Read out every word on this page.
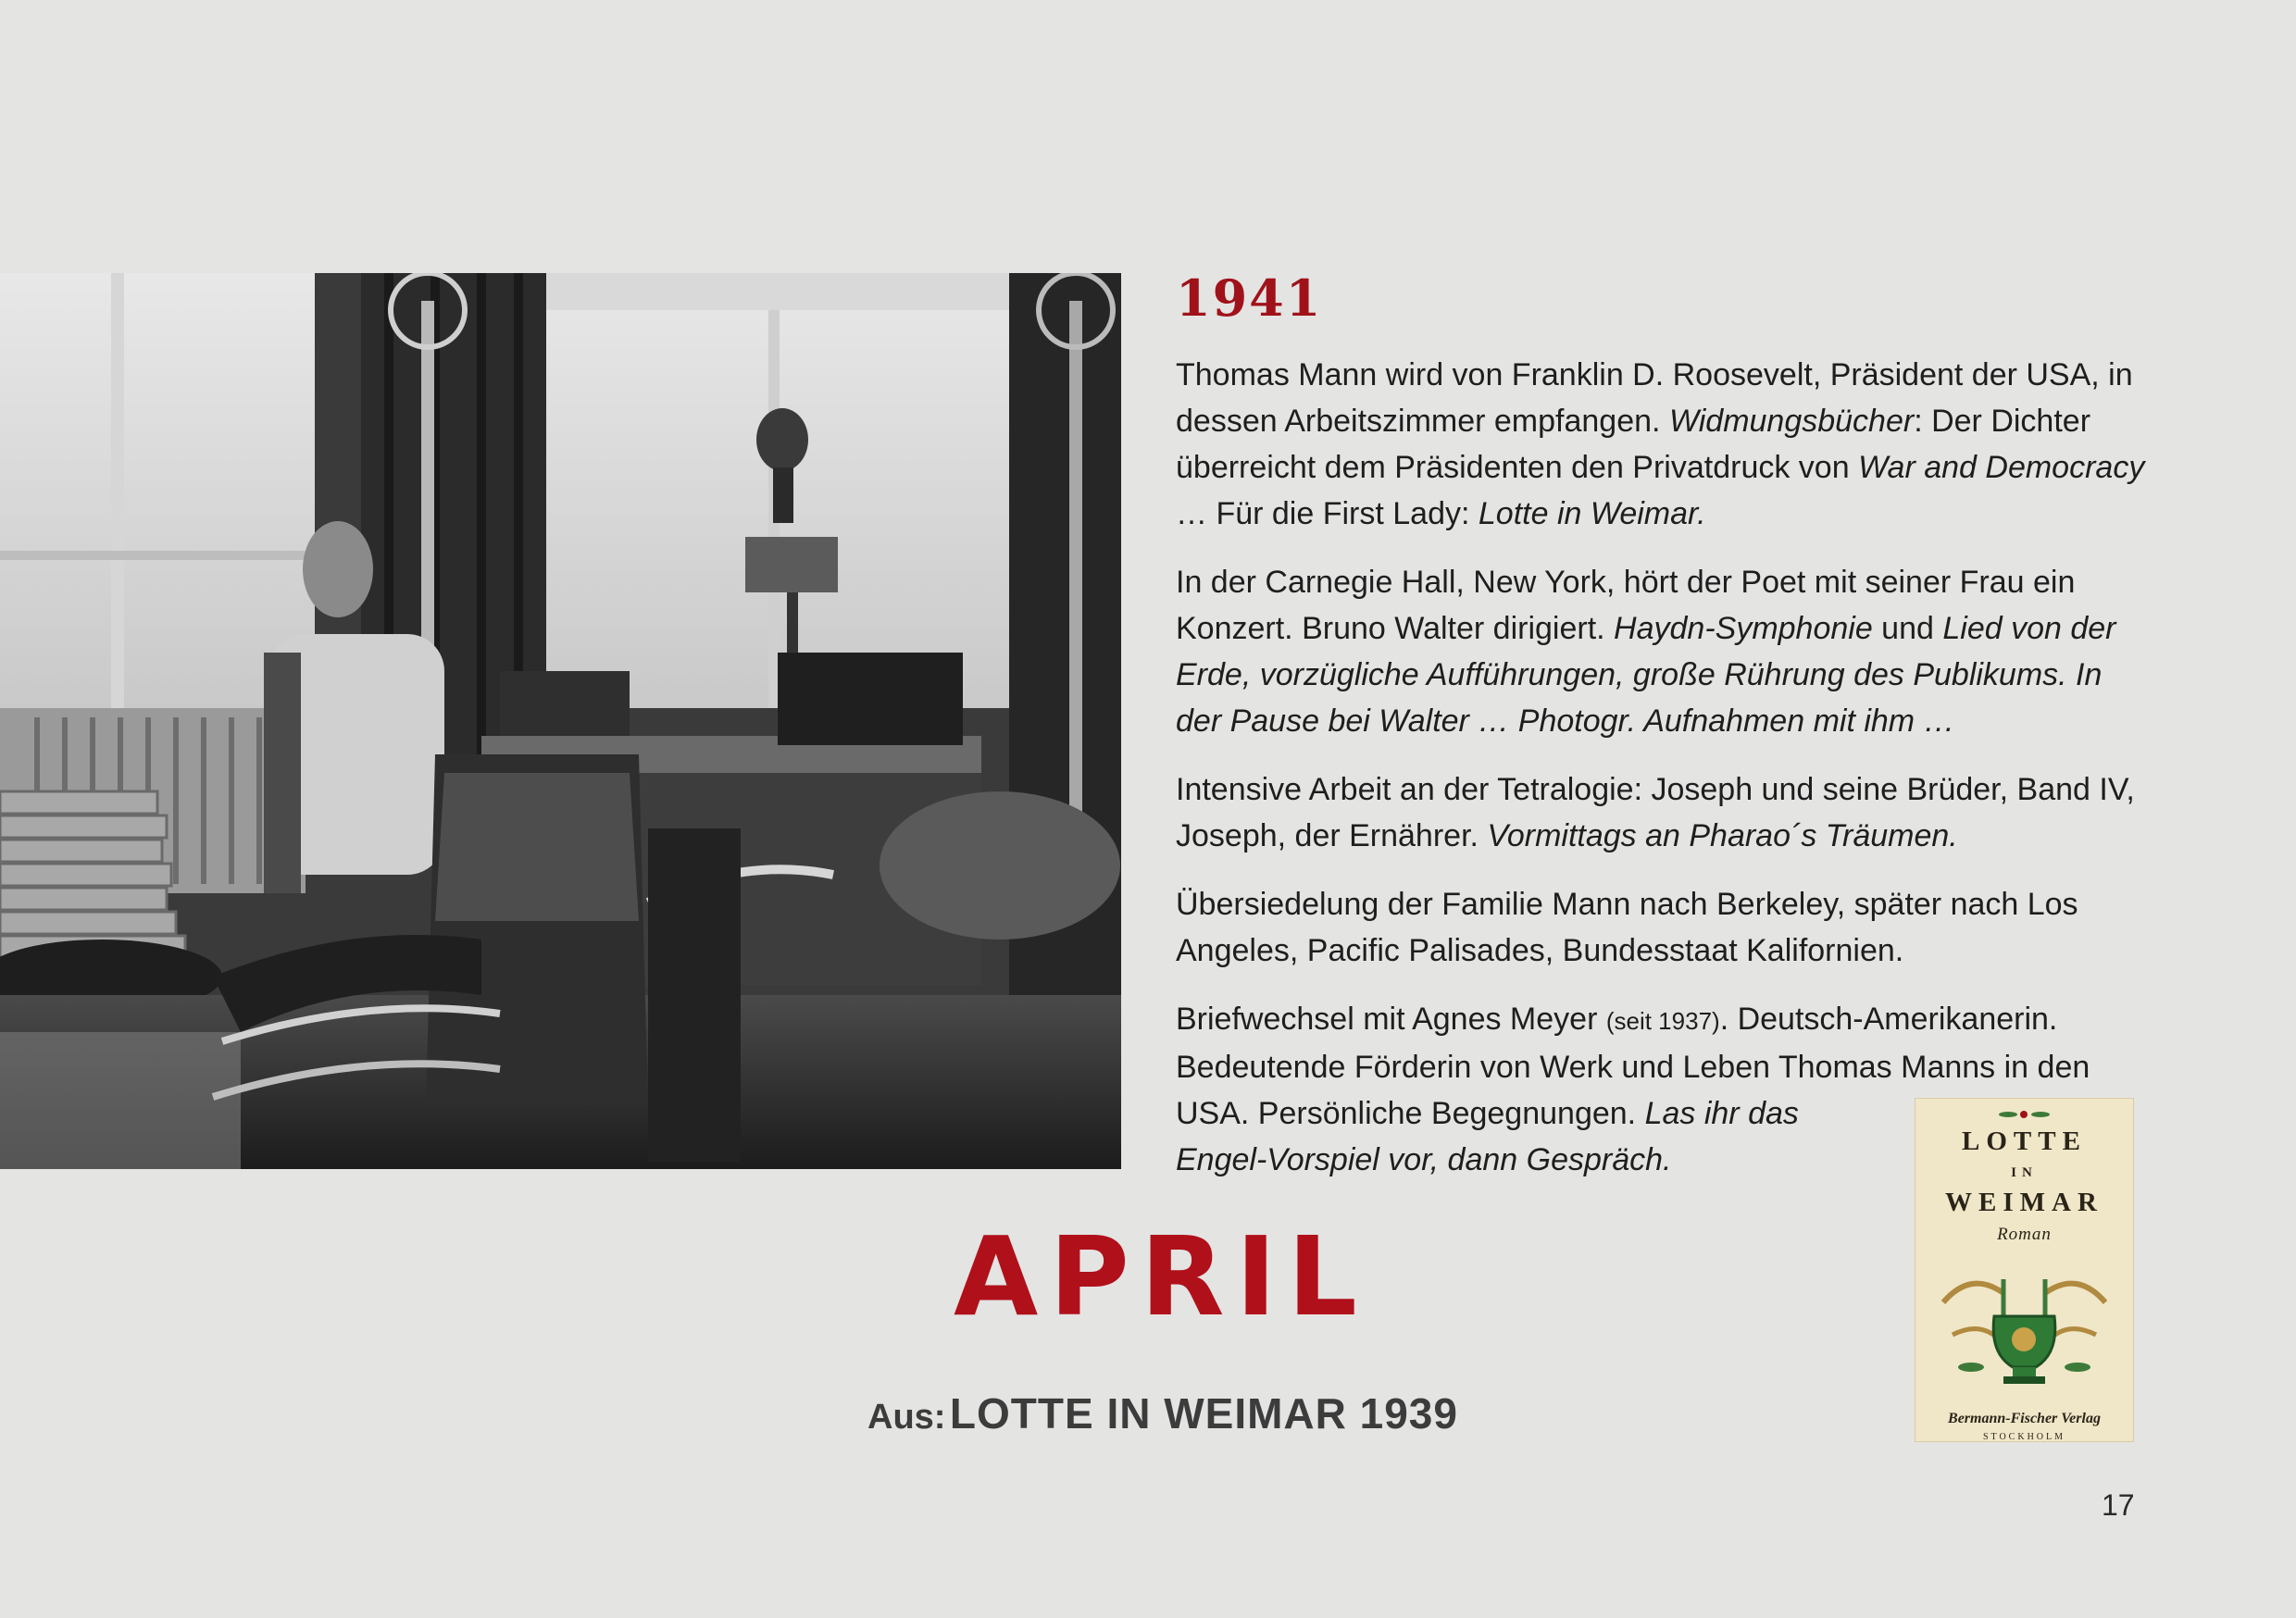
1941

Thomas Mann wird von Franklin D. Roosevelt, Präsident der USA, in dessen Arbeitszimmer empfangen. Widmungsbücher: Der Dichter überreicht dem Präsidenten den Privatdruck von War and Democracy … Für die First Lady: Lotte in Weimar.

In der Carnegie Hall, New York, hört der Poet mit seiner Frau ein Konzert. Bruno Walter dirigiert. Haydn-Symphonie und Lied von der Erde, vorzügliche Aufführungen, große Rührung des Publikums. In der Pause bei Walter … Photogr. Aufnahmen mit ihm …

Intensive Arbeit an der Tetralogie: Joseph und seine Brüder, Band IV, Joseph, der Ernährer. Vormittags an Pharao´s Träumen.

Übersiedelung der Familie Mann nach Berkeley, später nach Los Angeles, Pacific Palisades, Bundesstaat Kalifornien.

Briefwechsel mit Agnes Meyer (seit 1937). Deutsch-Amerikanerin. Bedeutende Förderin von Werk und Leben Thomas Manns in den USA. Persönliche Begegnungen. Las ihr das
Engel-Vorspiel vor, dann Gespräch.

LOTTE
IN
WEIMAR
Roman
Bermann-Fischer Verlag
STOCKHOLM
APRIL
Aus: LOTTE IN WEIMAR 1939
17
